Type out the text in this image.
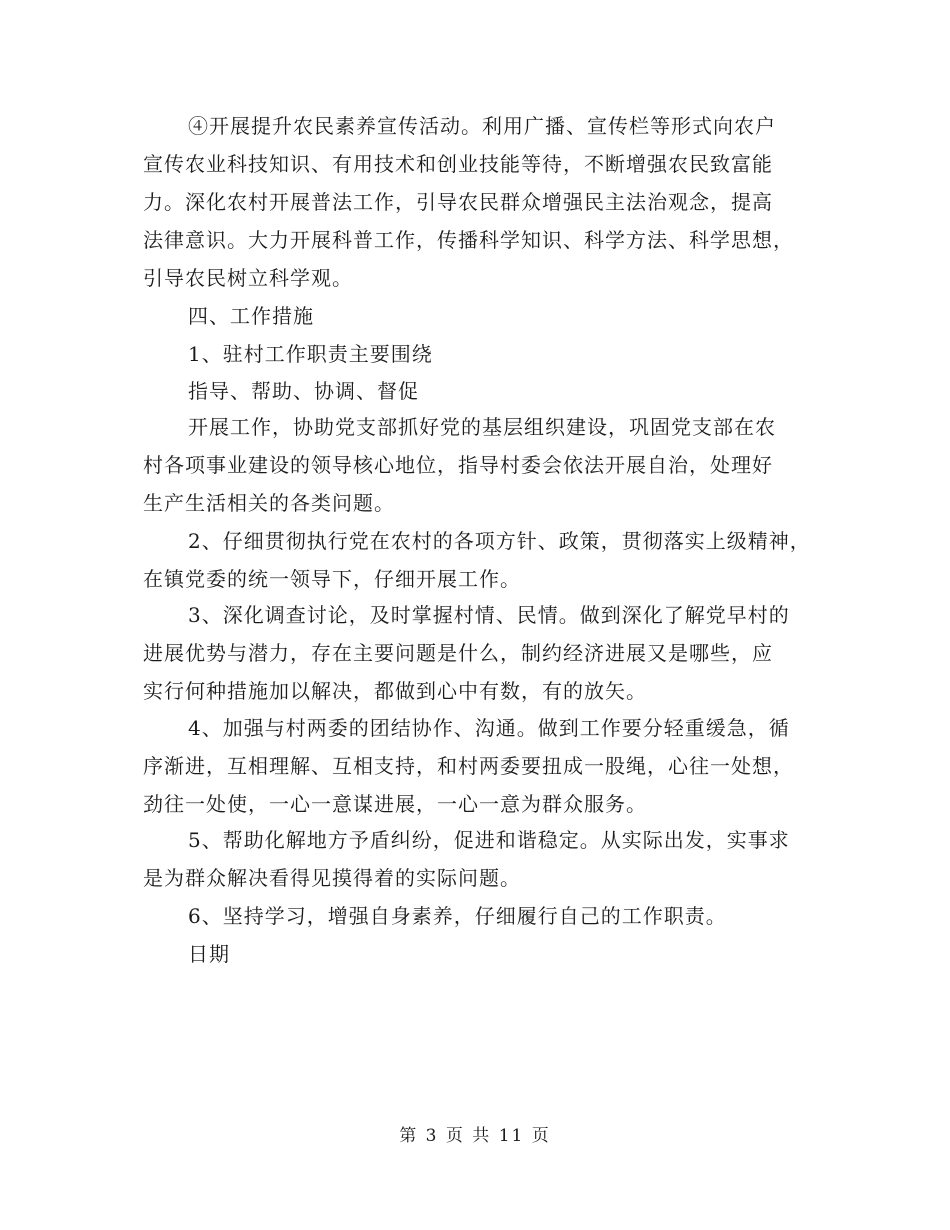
④开展提升农民素养宣传活动。利用广播、宣传栏等形式向农户
宣传农业科技知识、有用技术和创业技能等待，不断增强农民致富能
力。深化农村开展普法工作，引导农民群众增强民主法治观念，提高
法律意识。大力开展科普工作，传播科学知识、科学方法、科学思想，
引导农民树立科学观。
四、工作措施
1、驻村工作职责主要围绕
指导、帮助、协调、督促
开展工作，协助党支部抓好党的基层组织建设，巩固党支部在农
村各项事业建设的领导核心地位，指导村委会依法开展自治，处理好
生产生活相关的各类问题。
2、仔细贯彻执行党在农村的各项方针、政策，贯彻落实上级精神，
在镇党委的统一领导下，仔细开展工作。
3、深化调查讨论，及时掌握村情、民情。做到深化了解党早村的
进展优势与潜力，存在主要问题是什么，制约经济进展又是哪些，应
实行何种措施加以解决，都做到心中有数，有的放矢。
4、加强与村两委的团结协作、沟通。做到工作要分轻重缓急，循
序渐进，互相理解、互相支持，和村两委要扭成一股绳，心往一处想，
劲往一处使，一心一意谋进展，一心一意为群众服务。
5、帮助化解地方予盾纠纷，促进和谐稳定。从实际出发，实事求
是为群众解决看得见摸得着的实际问题。
6、坚持学习，增强自身素养，仔细履行自己的工作职责。
日期
第 3 页 共 11 页
